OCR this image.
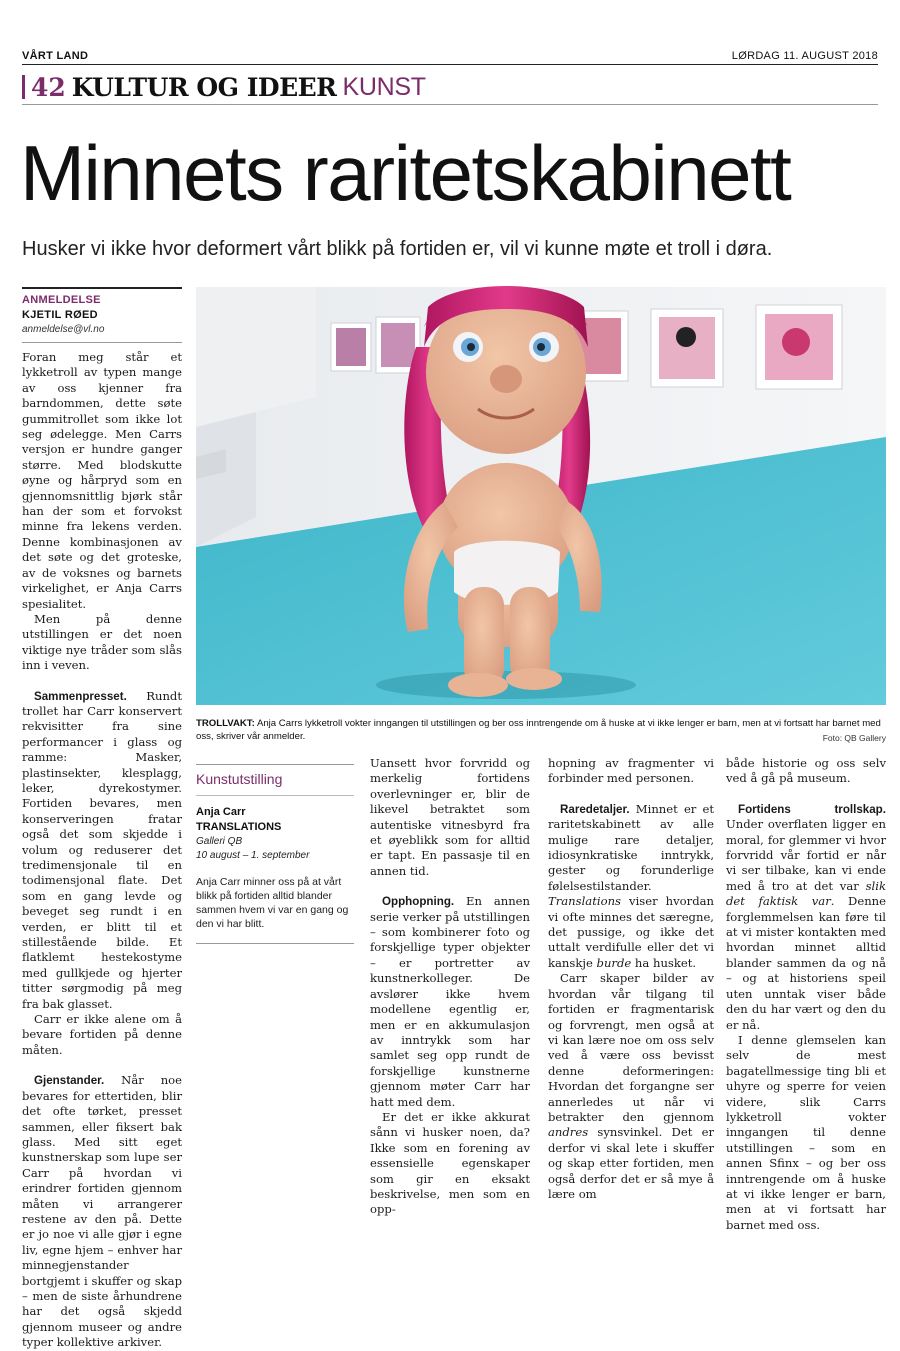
VÅRT LAND	LØRDAG 11. AUGUST 2018
42 KULTUR OG IDEER KUNST
Minnets raritetskabinett
Husker vi ikke hvor deformert vårt blikk på fortiden er, vil vi kunne møte et troll i døra.
ANMELDELSE
KJETIL RØED
anmeldelse@vl.no

Foran meg står et lykketroll av typen mange av oss kjenner fra barndommen, dette søte gummitrollet som ikke lot seg ødelegge. Men Carrs versjon er hundre ganger større. Med blodskutte øyne og hårpryd som en gjennomsnittlig bjørk står han der som et forvokst minne fra lekens verden. Denne kombinasjonen av det søte og det groteske, av de voksnes og barnets virkelighet, er Anja Carrs spesialitet.

Men på denne utstillingen er det noen viktige nye tråder som slås inn i veven.

Sammenpresset. Rundt trollet har Carr konservert rekvisitter fra sine performancer i glass og ramme: Masker, plastinsekter, klesplagg, leker, dyrekostymer. Fortiden bevares, men konserveringen fratar også det som skjedde i volum og reduserer det tredimensjonale til en todimensjonal flate. Det som en gang levde og beveget seg rundt i en verden, er blitt til et stillestående bilde. Et flatklemt hestekostyme med gullkjede og hjerter titter sørgmodig på meg fra bak glasset.

Carr er ikke alene om å bevare fortiden på denne måten.

Gjenstander. Når noe bevares for ettertiden, blir det ofte tørket, presset sammen, eller fiksert bak glass. Med sitt eget kunstnerskap som lupe ser Carr på hvordan vi erindrer fortiden gjennom måten vi arrangerer restene av den på. Dette er jo noe vi alle gjør i egne liv, egne hjem – enhver har minnegjenstander bortgjemt i skuffer og skap – men de siste århundrene har det også skjedd gjennom museer og andre typer kollektive arkiver.

TROLLVAKT: Anja Carrs lykketroll vokter inngangen til utstillingen og ber oss inntrengende om å huske at vi ikke lenger er barn, men at vi fortsatt har barnet med oss, skriver vår anmelder.	Foto: QB Gallery
Kunstutstilling
Anja Carr
TRANSLATIONS
Galleri QB
10 august – 1. september
Anja Carr minner oss på at vårt blikk på fortiden alltid blander sammen hvem vi var en gang og den vi har blitt.

Uansett hvor forvridd og merkelig fortidens overlevninger er, blir de likevel betraktet som autentiske vitnesbyrd fra et øyeblikk som for alltid er tapt. En passasje til en annen tid.

Opphopning. En annen serie verker på utstillingen – som kombinerer foto og forskjellige typer objekter – er portretter av kunstnerkolleger. De avslører ikke hvem modellene egentlig er, men er en akkumulasjon av inntrykk som har samlet seg opp rundt de forskjellige kunstnerne gjennom møter Carr har hatt med dem.

Er det er ikke akkurat sånn vi husker noen, da? Ikke som en forening av essensielle egenskaper som gir en eksakt beskrivelse, men som en opp-

hopning av fragmenter vi forbinder med personen.

Raredetaljer. Minnet er et raritetskabinett av alle mulige rare detaljer, idiosynkratiske inntrykk, gester og forunderlige følelsestilstander. Translations viser hvordan vi ofte minnes det særegne, det pussige, og ikke det uttalt verdifulle eller det vi kanskje burde ha husket.

Carr skaper bilder av hvordan vår tilgang til fortiden er fragmentarisk og forvrengt, men også at vi kan lære noe om oss selv ved å være oss bevisst denne deformeringen: Hvordan det forgangne ser annerledes ut når vi betrakter den gjennom andres synsvinkel. Det er derfor vi skal lete i skuffer og skap etter fortiden, men også derfor det er så mye å lære om

både historie og oss selv ved å gå på museum.

Fortidens trollskap. Under overflaten ligger en moral, for glemmer vi hvor forvridd vår fortid er når vi ser tilbake, kan vi ende med å tro at det var slik det faktisk var. Denne forglemmelsen kan føre til at vi mister kontakten med hvordan minnet alltid blander sammen da og nå – og at historiens speil uten unntak viser både den du har vært og den du er nå.

I denne glemselen kan selv de mest bagatellmessige ting bli et uhyre og sperre for veien videre, slik Carrs lykketroll vokter inngangen til denne utstillingen – som en annen Sfinx – og ber oss inntrengende om å huske at vi ikke lenger er barn, men at vi fortsatt har barnet med oss.
